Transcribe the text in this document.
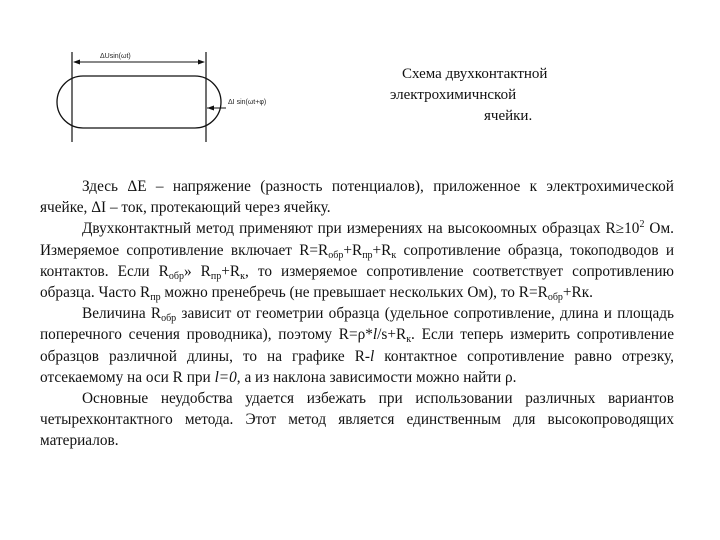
ΔUsin(ωt)
ΔI sin(ωt+φ)
Схема двухконтактной
электрохимичнской
ячейки.

Здесь ΔE – напряжение (разность потенциалов), приложенное к электрохимической ячейке, ΔI – ток, протекающий через ячейку.

Двухконтактный метод применяют при измерениях на высокоомных образцах $R\ge 10^2$ Ом. Измеряемое сопротивление включает $R=R_{обр}+R_{пр}+R_к$ сопротивление образца, токоподводов и контактов. Если $R_{обр}$» $R_{пр}+R_к$, то измеряемое сопротивление соответствует сопротивлению образца. Часто $R_{пр}$ можно пренебречь (не превышает нескольких Ом), то $R=R_{обр}+Rк$.

Величина $R_{обр}$ зависит от геометрии образца (удельное сопротивление, длина и площадь поперечного сечения проводника), поэтому $R=\rho*l/s+R_к$. Если теперь измерить сопротивление образцов различной длины, то на графике R-l контактное сопротивление равно отрезку, отсекаемому на оси R при l=0, а из наклона зависимости можно найти ρ.

Основные неудобства удается избежать при использовании различных вариантов четырехконтактного метода. Этот метод является единственным для высокопроводящих материалов.
